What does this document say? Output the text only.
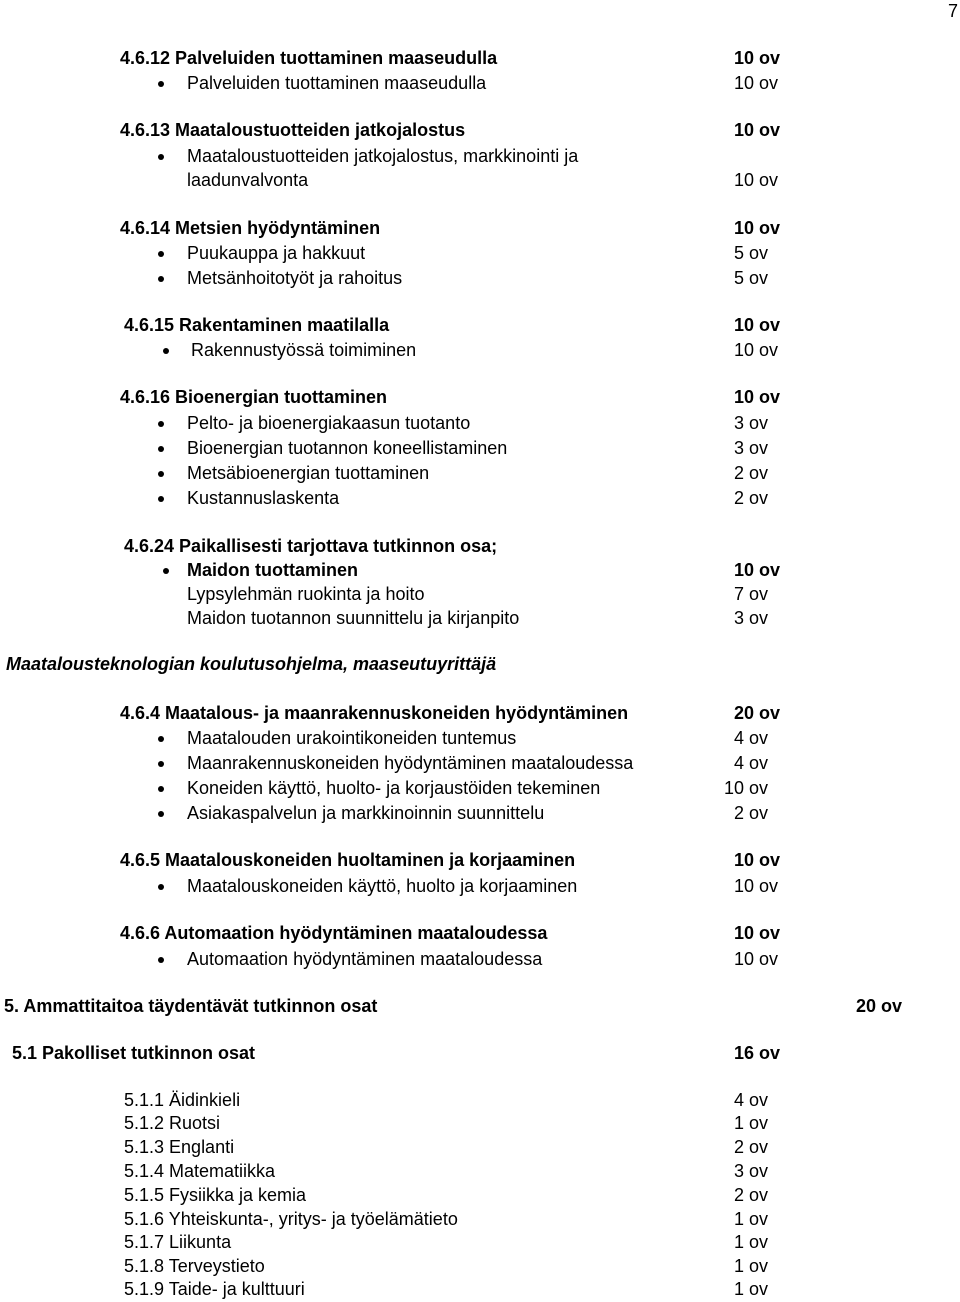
7
4.6.12 Palveluiden tuottaminen maaseudulla	10 ov
Palveluiden tuottaminen maaseudulla	10 ov
4.6.13 Maataloustuotteiden jatkojalostus	10 ov
Maataloustuotteiden jatkojalostus, markkinointi ja
laadunvalvonta	10 ov
4.6.14 Metsien hyödyntäminen	10 ov
Puukauppa ja hakkuut	5 ov
Metsänhoitotyöt ja rahoitus	5 ov
4.6.15 Rakentaminen maatilalla	10 ov
Rakennustyössä toimiminen	10 ov
4.6.16 Bioenergian tuottaminen	10 ov
Pelto- ja bioenergiakaasun tuotanto	3 ov
Bioenergian tuotannon koneellistaminen	3 ov
Metsäbioenergian tuottaminen	2 ov
Kustannuslaskenta	2 ov
4.6.24 Paikallisesti tarjottava tutkinnon osa;
Maidon tuottaminen	10 ov
Lypsylehmän ruokinta ja hoito	7 ov
Maidon tuotannon suunnittelu ja kirjanpito	3 ov
Maatalousteknologian koulutusohjelma, maaseutuyrittäjä
4.6.4 Maatalous- ja maanrakennuskoneiden hyödyntäminen	20 ov
Maatalouden urakointikoneiden tuntemus	4 ov
Maanrakennuskoneiden hyödyntäminen maataloudessa	4 ov
Koneiden käyttö, huolto- ja korjaustöiden tekeminen	10 ov
Asiakaspalvelun ja markkinoinnin suunnittelu	2 ov
4.6.5 Maatalouskoneiden huoltaminen ja korjaaminen	10 ov
Maatalouskoneiden käyttö, huolto ja korjaaminen	10 ov
4.6.6 Automaation hyödyntäminen maataloudessa	10 ov
Automaation hyödyntäminen maataloudessa	10 ov
5. Ammattitaitoa täydentävät tutkinnon osat	20 ov
5.1 Pakolliset tutkinnon osat	16 ov
5.1.1 Äidinkieli	4 ov
5.1.2 Ruotsi	1 ov
5.1.3 Englanti	2 ov
5.1.4 Matematiikka	3 ov
5.1.5 Fysiikka ja kemia	2 ov
5.1.6 Yhteiskunta-, yritys- ja työelämätieto	1 ov
5.1.7 Liikunta	1 ov
5.1.8 Terveystieto	1 ov
5.1.9 Taide- ja kulttuuri	1 ov
